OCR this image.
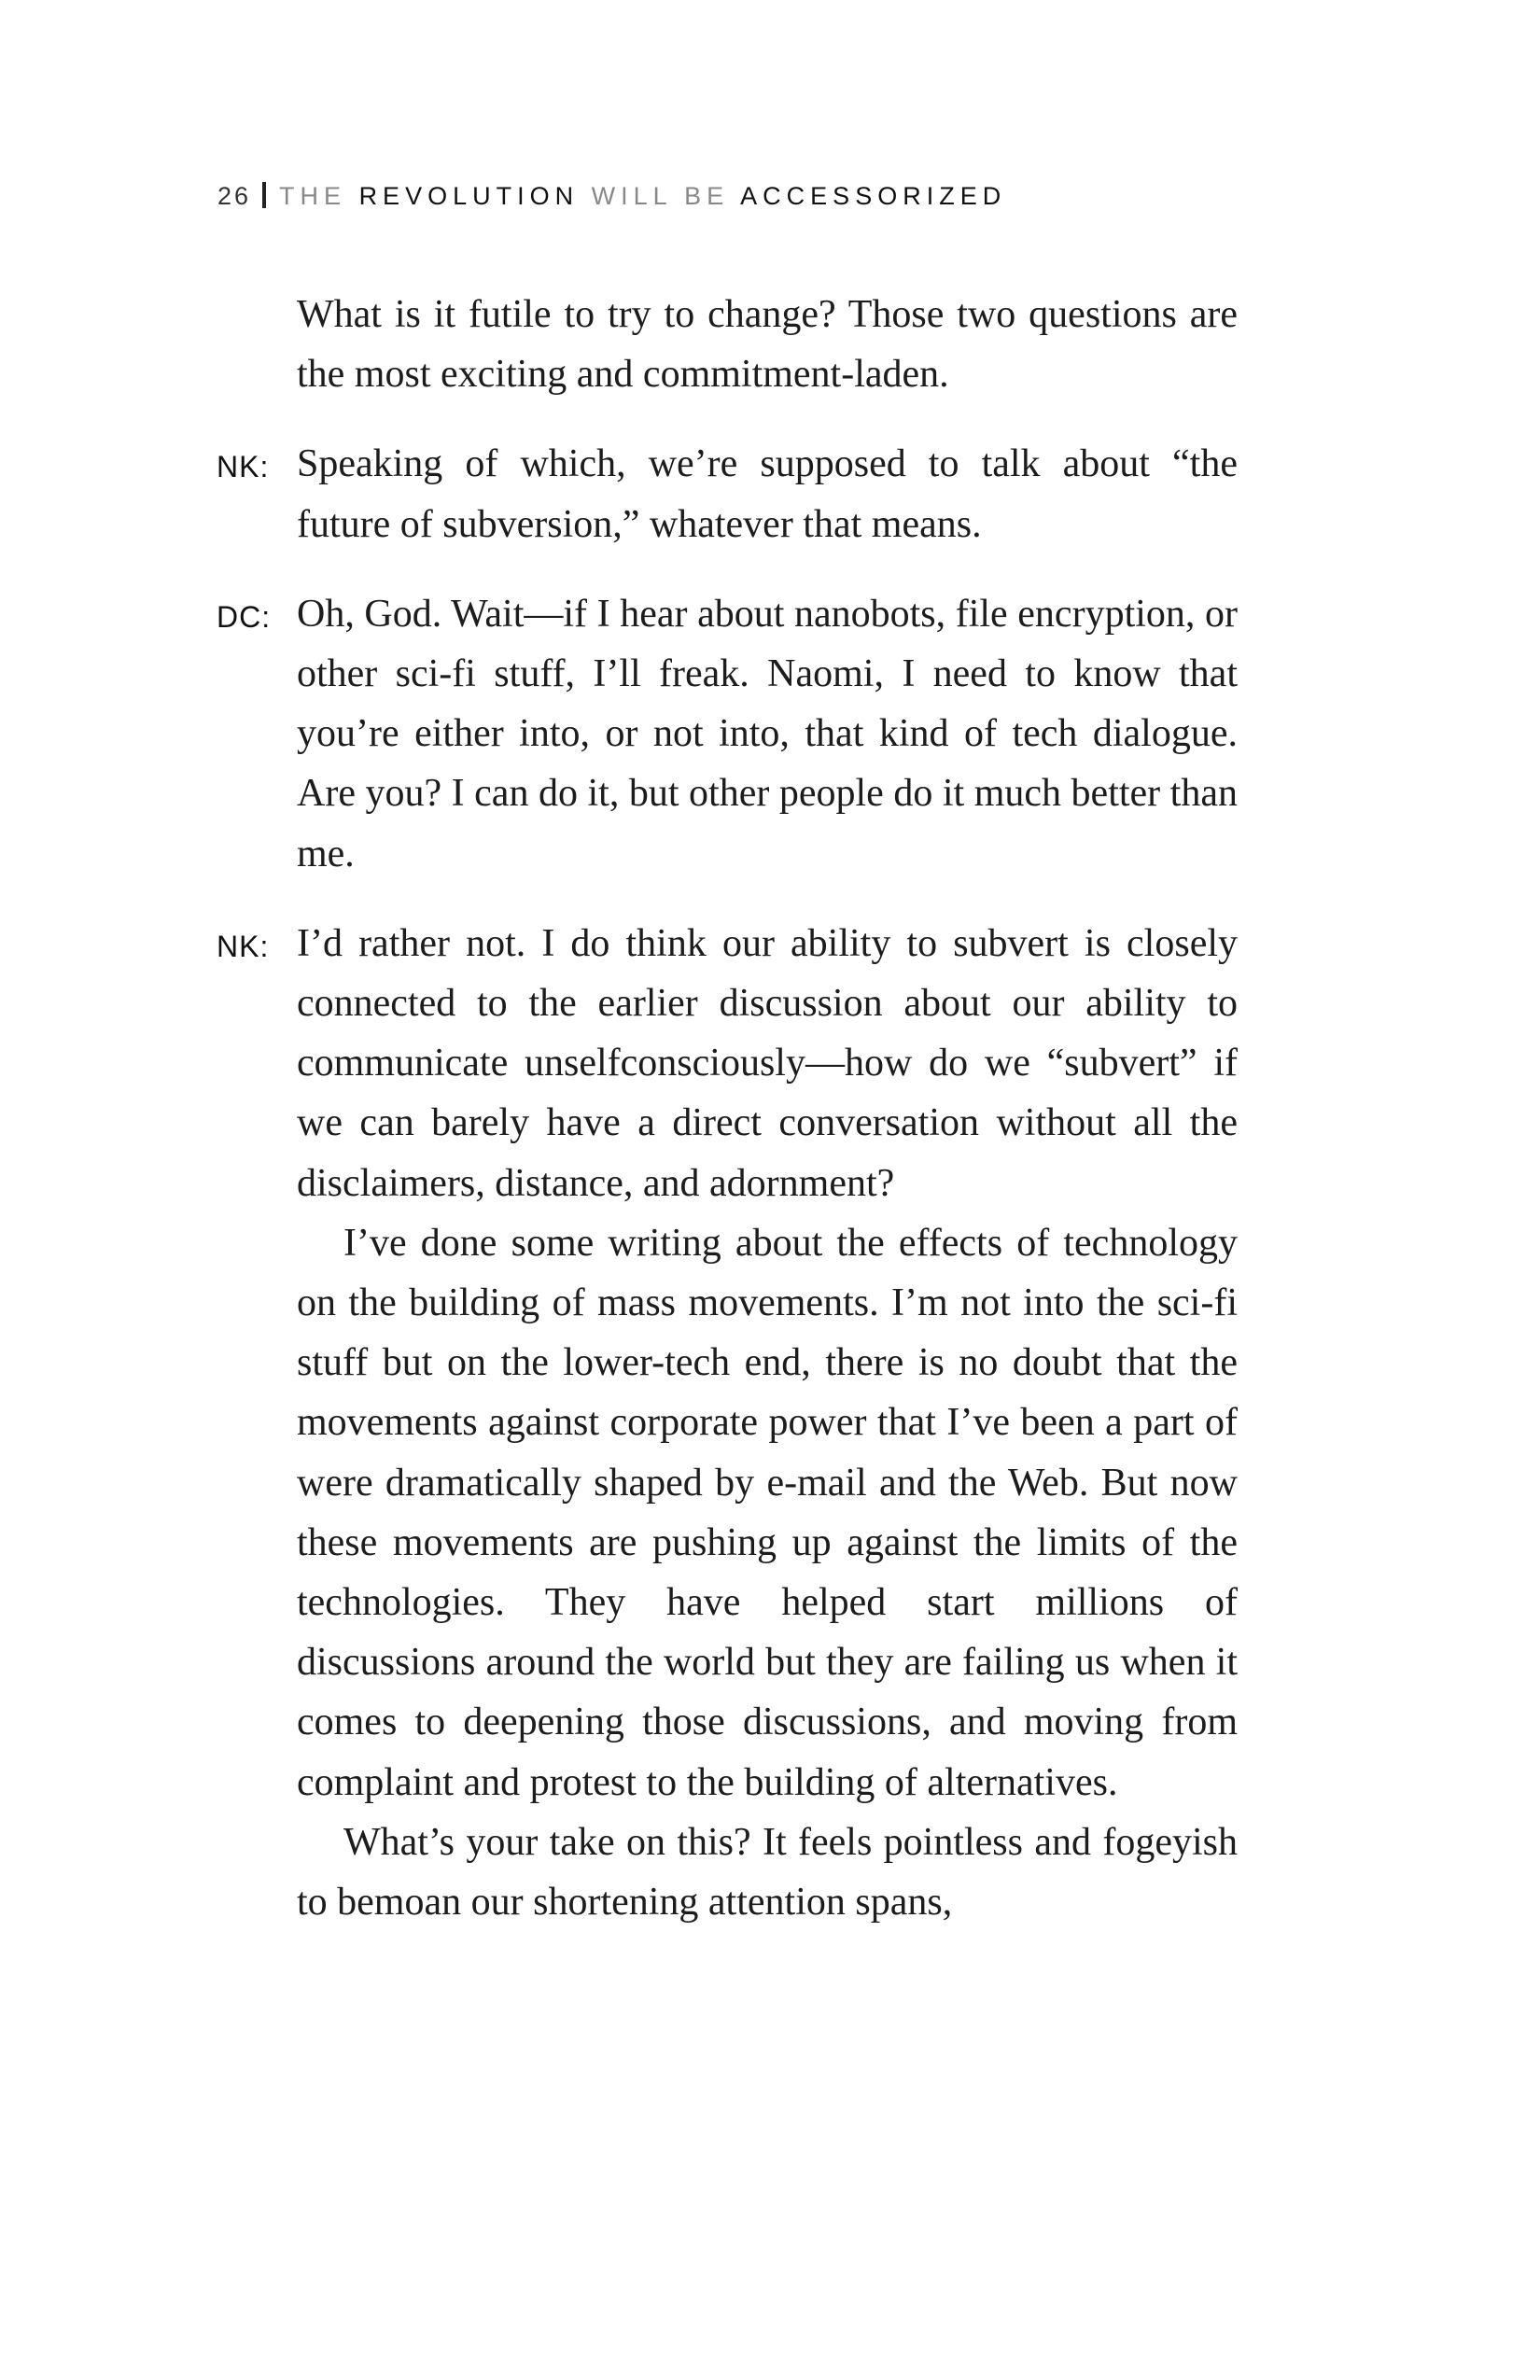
26 THE REVOLUTION WILL BE ACCESSORIZED

What is it futile to try to change? Those two questions are the most exciting and commitment-laden.

NK: Speaking of which, we’re supposed to talk about “the future of subversion,” whatever that means.

DC: Oh, God. Wait—if I hear about nanobots, file encryption, or other sci-fi stuff, I’ll freak. Naomi, I need to know that you’re either into, or not into, that kind of tech dialogue. Are you? I can do it, but other people do it much better than me.

NK: I’d rather not. I do think our ability to subvert is closely connected to the earlier discussion about our ability to communicate unselfconsciously—how do we “subvert” if we can barely have a direct conversation without all the disclaimers, distance, and adornment?

I’ve done some writing about the effects of technology on the building of mass movements. I’m not into the sci-fi stuff but on the lower-tech end, there is no doubt that the movements against corporate power that I’ve been a part of were dramatically shaped by e-mail and the Web. But now these movements are pushing up against the limits of the technologies. They have helped start millions of discussions around the world but they are failing us when it comes to deepening those discussions, and moving from complaint and protest to the building of alternatives.

What’s your take on this? It feels pointless and fogeyish to bemoan our shortening attention spans,
